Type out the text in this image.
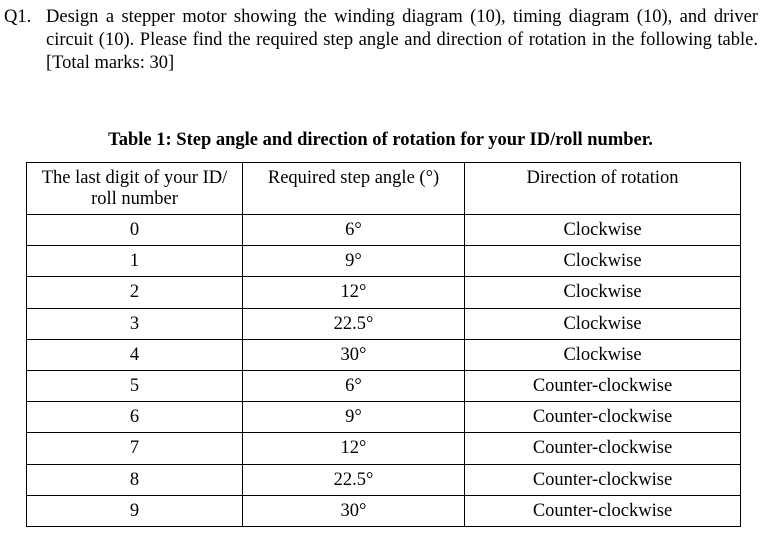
Q1. Design a stepper motor showing the winding diagram (10), timing diagram (10), and driver circuit (10). Please find the required step angle and direction of rotation in the following table. [Total marks: 30]
Table 1: Step angle and direction of rotation for your ID/roll number.
The last digit of your ID/ roll number	Required step angle (°)	Direction of rotation
0	6°	Clockwise
1	9°	Clockwise
2	12°	Clockwise
3	22.5°	Clockwise
4	30°	Clockwise
5	6°	Counter-clockwise
6	9°	Counter-clockwise
7	12°	Counter-clockwise
8	22.5°	Counter-clockwise
9	30°	Counter-clockwise
